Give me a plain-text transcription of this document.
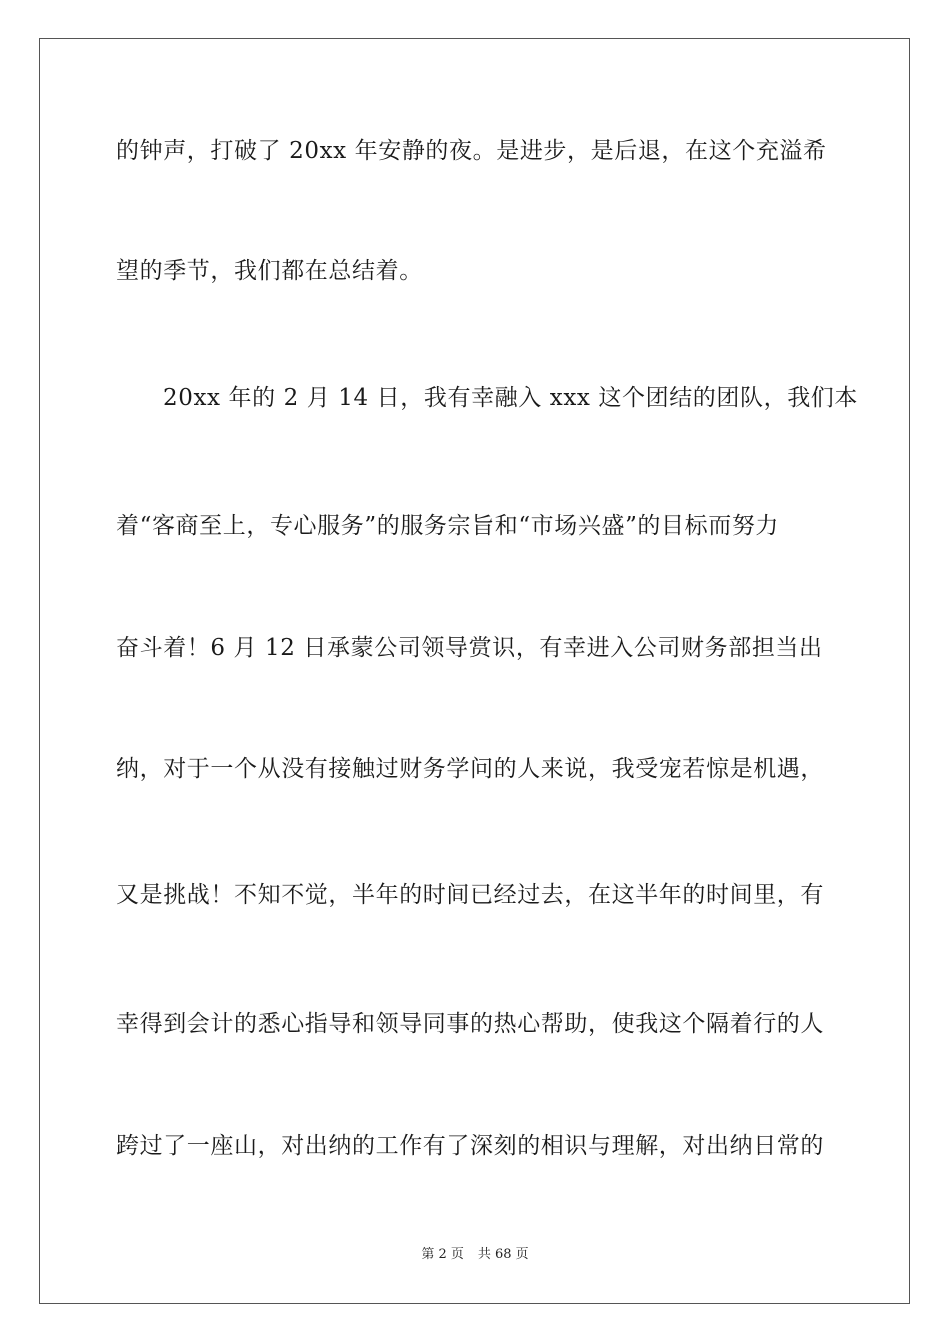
的钟声，打破了 20xx 年安静的夜。是进步，是后退，在这个充溢希
望的季节，我们都在总结着。
20xx 年的 2 月 14 日，我有幸融入 xxx 这个团结的团队，我们本
着“客商至上，专心服务”的服务宗旨和“市场兴盛”的目标而努力
奋斗着！6 月 12 日承蒙公司领导赏识，有幸进入公司财务部担当出
纳，对于一个从没有接触过财务学问的人来说，我受宠若惊是机遇，
又是挑战！不知不觉，半年的时间已经过去，在这半年的时间里，有
幸得到会计的悉心指导和领导同事的热心帮助，使我这个隔着行的人
跨过了一座山，对出纳的工作有了深刻的相识与理解，对出纳日常的
第 2 页 共 68 页
